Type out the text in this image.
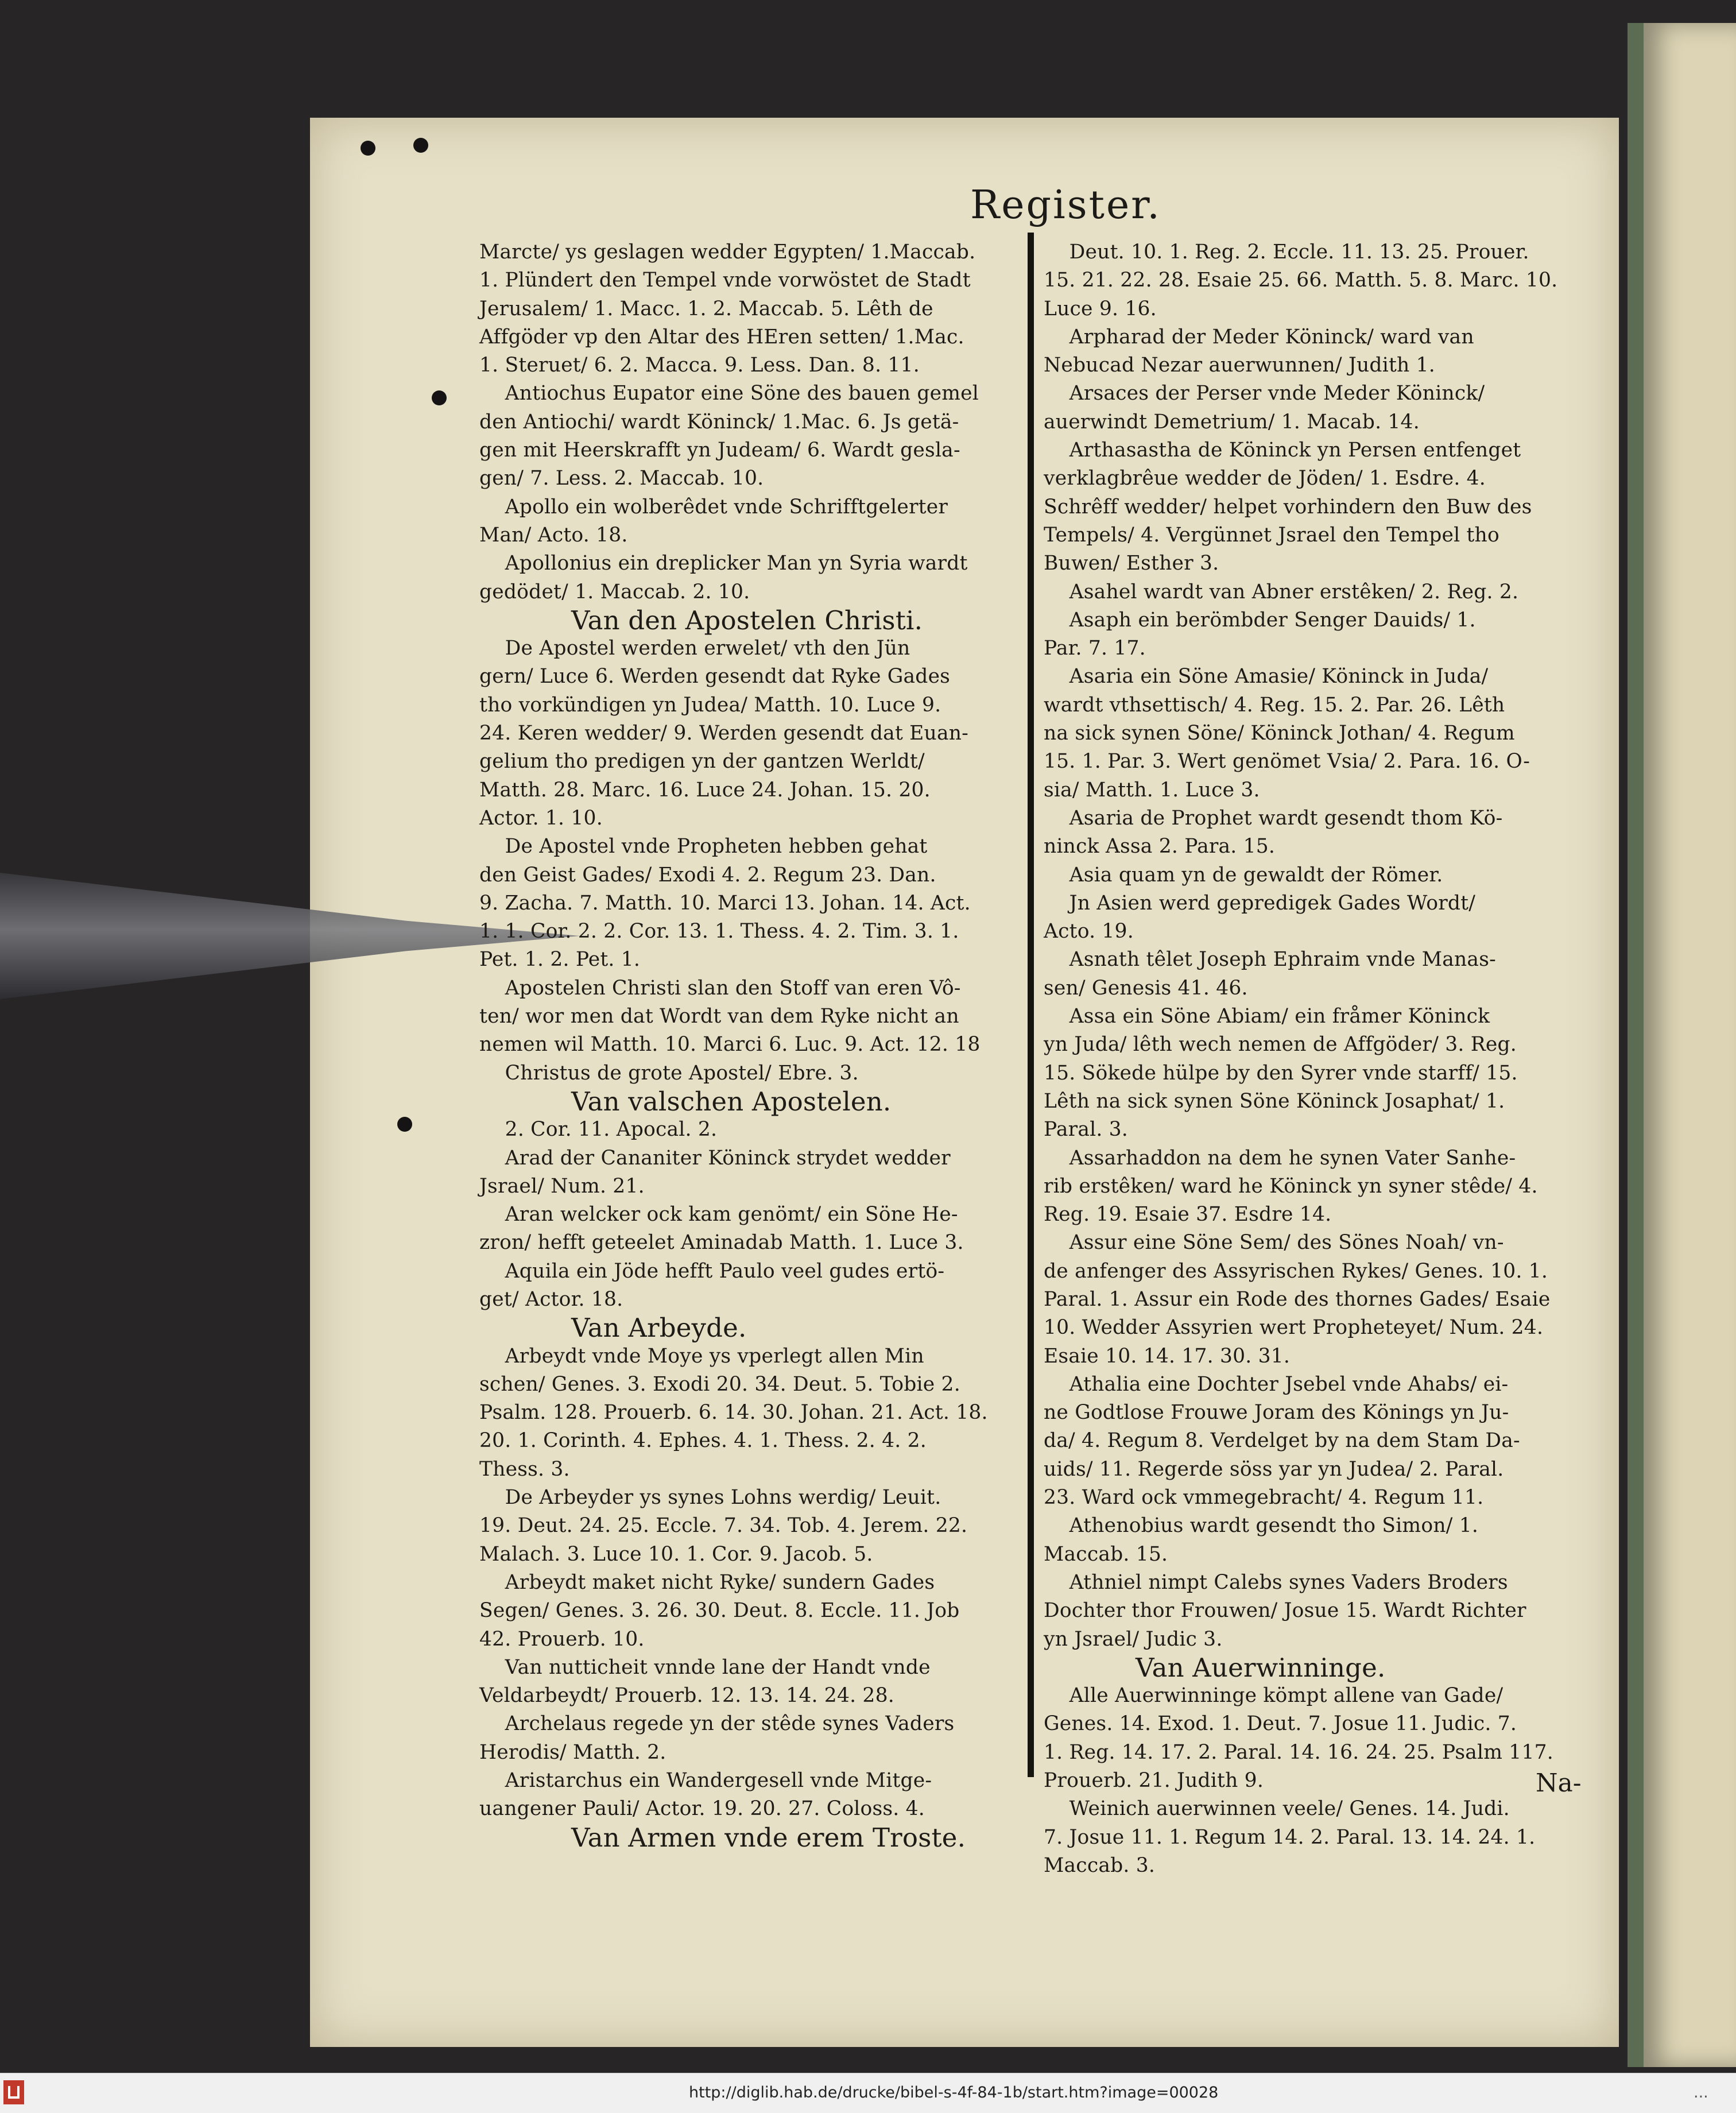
Register.
Marcte/ ys geslagen wedder Egypten/ 1.Maccab.
1. Plündert den Tempel vnde vorwöstet de Stadt
Jerusalem/ 1. Macc. 1. 2. Maccab. 5. Lêth de
Affgöder vp den Altar des HEren setten/ 1.Mac.
1. Steruet/ 6. 2. Macca. 9. Less. Dan. 8. 11.
Antiochus Eupator eine Söne des bauen gemel
den Antiochi/ wardt Köninck/ 1.Mac. 6. Js getä-
gen mit Heerskrafft yn Judeam/ 6. Wardt gesla-
gen/ 7. Less. 2. Maccab. 10.
Apollo ein wolberêdet vnde Schrifftgelerter
Man/ Acto. 18.
Apollonius ein dreplicker Man yn Syria wardt
gedödet/ 1. Maccab. 2. 10.
Van den Apostelen Christi.
De Apostel werden erwelet/ vth den Jün
gern/ Luce 6. Werden gesendt dat Ryke Gades
tho vorkündigen yn Judea/ Matth. 10. Luce 9.
24. Keren wedder/ 9. Werden gesendt dat Euan-
gelium tho predigen yn der gantzen Werldt/
Matth. 28. Marc. 16. Luce 24. Johan. 15. 20.
Actor. 1. 10.
De Apostel vnde Propheten hebben gehat
den Geist Gades/ Exodi 4. 2. Regum 23. Dan.
9. Zacha. 7. Matth. 10. Marci 13. Johan. 14. Act.
1. 1. Cor. 2. 2. Cor. 13. 1. Thess. 4. 2. Tim. 3. 1.
Pet. 1. 2. Pet. 1.
Apostelen Christi slan den Stoff van eren Vô-
ten/ wor men dat Wordt van dem Ryke nicht an
nemen wil Matth. 10. Marci 6. Luc. 9. Act. 12. 18
Christus de grote Apostel/ Ebre. 3.
Van valschen Apostelen.
2. Cor. 11. Apocal. 2.
Arad der Cananiter Köninck strydet wedder
Jsrael/ Num. 21.
Aran welcker ock kam genömt/ ein Söne He-
zron/ hefft geteelet Aminadab Matth. 1. Luce 3.
Aquila ein Jöde hefft Paulo veel gudes ertö-
get/ Actor. 18.
Van Arbeyde.
Arbeydt vnde Moye ys vperlegt allen Min
schen/ Genes. 3. Exodi 20. 34. Deut. 5. Tobie 2.
Psalm. 128. Prouerb. 6. 14. 30. Johan. 21. Act. 18.
20. 1. Corinth. 4. Ephes. 4. 1. Thess. 2. 4. 2.
Thess. 3.
De Arbeyder ys synes Lohns werdig/ Leuit.
19. Deut. 24. 25. Eccle. 7. 34. Tob. 4. Jerem. 22.
Malach. 3. Luce 10. 1. Cor. 9. Jacob. 5.
Arbeydt maket nicht Ryke/ sundern Gades
Segen/ Genes. 3. 26. 30. Deut. 8. Eccle. 11. Job
42. Prouerb. 10.
Van nutticheit vnnde lane der Handt vnde
Veldarbeydt/ Prouerb. 12. 13. 14. 24. 28.
Archelaus regede yn der stêde synes Vaders
Herodis/ Matth. 2.
Aristarchus ein Wandergesell vnde Mitge-
uangener Pauli/ Actor. 19. 20. 27. Coloss. 4.
Van Armen vnde erem Troste.
Deut. 10. 1. Reg. 2. Eccle. 11. 13. 25. Prouer.
15. 21. 22. 28. Esaie 25. 66. Matth. 5. 8. Marc. 10.
Luce 9. 16.
Arpharad der Meder Köninck/ ward van
Nebucad Nezar auerwunnen/ Judith 1.
Arsaces der Perser vnde Meder Köninck/
auerwindt Demetrium/ 1. Macab. 14.
Arthasastha de Köninck yn Persen entfenget
verklagbrêue wedder de Jöden/ 1. Esdre. 4.
Schrêff wedder/ helpet vorhindern den Buw des
Tempels/ 4. Vergünnet Jsrael den Tempel tho
Buwen/ Esther 3.
Asahel wardt van Abner erstêken/ 2. Reg. 2.
Asaph ein berömbder Senger Dauids/ 1.
Par. 7. 17.
Asaria ein Söne Amasie/ Köninck in Juda/
wardt vthsettisch/ 4. Reg. 15. 2. Par. 26. Lêth
na sick synen Söne/ Köninck Jothan/ 4. Regum
15. 1. Par. 3. Wert genömet Vsia/ 2. Para. 16. O-
sia/ Matth. 1. Luce 3.
Asaria de Prophet wardt gesendt thom Kö-
ninck Assa 2. Para. 15.
Asia quam yn de gewaldt der Römer.
Jn Asien werd gepredigek Gades Wordt/
Acto. 19.
Asnath têlet Joseph Ephraim vnde Manas-
sen/ Genesis 41. 46.
Assa ein Söne Abiam/ ein fråmer Köninck
yn Juda/ lêth wech nemen de Affgöder/ 3. Reg.
15. Sökede hülpe by den Syrer vnde starff/ 15.
Lêth na sick synen Söne Köninck Josaphat/ 1.
Paral. 3.
Assarhaddon na dem he synen Vater Sanhe-
rib erstêken/ ward he Köninck yn syner stêde/ 4.
Reg. 19. Esaie 37. Esdre 14.
Assur eine Söne Sem/ des Sönes Noah/ vn-
de anfenger des Assyrischen Rykes/ Genes. 10. 1.
Paral. 1. Assur ein Rode des thornes Gades/ Esaie
10. Wedder Assyrien wert Propheteyet/ Num. 24.
Esaie 10. 14. 17. 30. 31.
Athalia eine Dochter Jsebel vnde Ahabs/ ei-
ne Godtlose Frouwe Joram des Könings yn Ju-
da/ 4. Regum 8. Verdelget by na dem Stam Da-
uids/ 11. Regerde söss yar yn Judea/ 2. Paral.
23. Ward ock vmmegebracht/ 4. Regum 11.
Athenobius wardt gesendt tho Simon/ 1.
Maccab. 15.
Athniel nimpt Calebs synes Vaders Broders
Dochter thor Frouwen/ Josue 15. Wardt Richter
yn Jsrael/ Judic 3.
Van Auerwinninge.
Alle Auerwinninge kömpt allene van Gade/
Genes. 14. Exod. 1. Deut. 7. Josue 11. Judic. 7.
1. Reg. 14. 17. 2. Paral. 14. 16. 24. 25. Psalm 117.
Prouerb. 21. Judith 9.
Weinich auerwinnen veele/ Genes. 14. Judi.
7. Josue 11. 1. Regum 14. 2. Paral. 13. 14. 24. 1.
Maccab. 3.
Na-
http://diglib.hab.de/drucke/bibel-s-4f-84-1b/start.htm?image=00028	...
